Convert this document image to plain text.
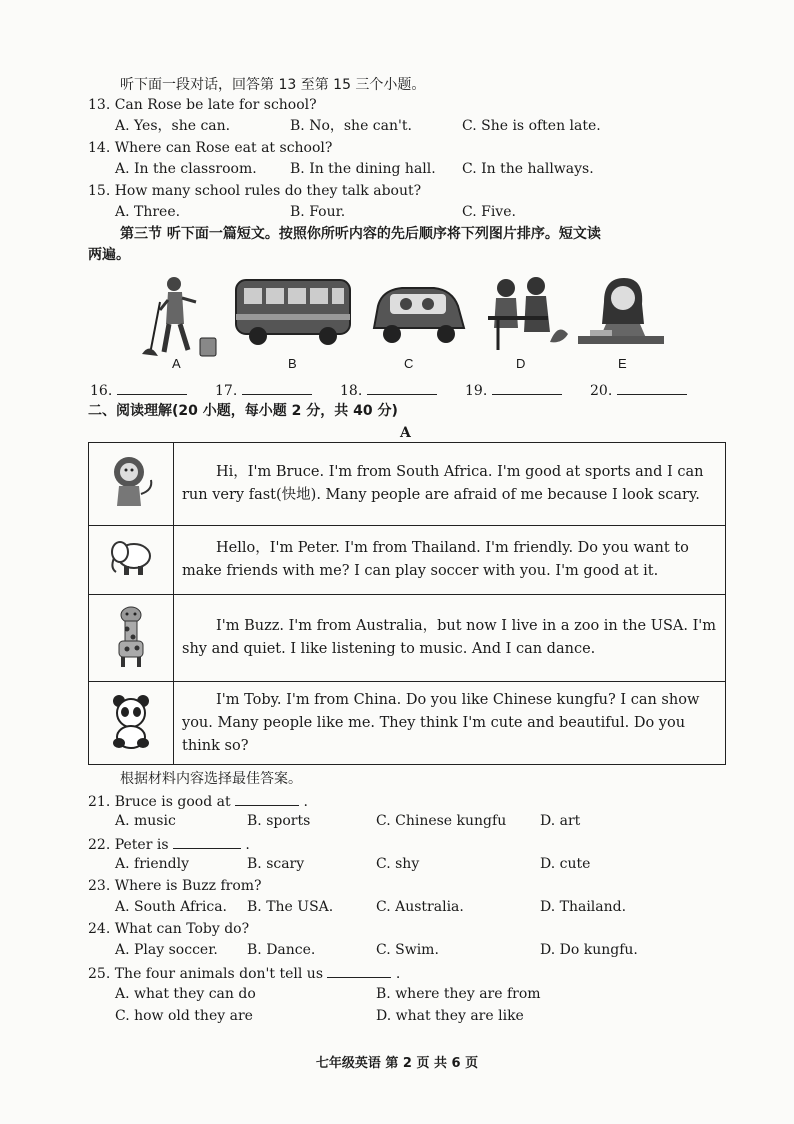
听下面一段对话，回答第 13 至第 15 三个小题。
13. Can Rose be late for school?
A. Yes，she can.	B. No，she can't.	C. She is often late.
14. Where can Rose eat at school?
A. In the classroom. B. In the dining hall. C. In the hallways.
15. How many school rules do they talk about?
A. Three.	B. Four.	C. Five.
第三节 听下面一篇短文。按照你所听内容的先后顺序将下列图片排序。短文读
两遍。
A	B	C	D	E
16.	17.	18.	19.	20.
二、阅读理解(20 小题，每小题 2 分，共 40 分)
A
	Hi，I'm Bruce. I'm from South Africa. I'm good at sports and I can run very fast(快地). Many people are afraid of me because I look scary.
	Hello，I'm Peter. I'm from Thailand. I'm friendly. Do you want to make friends with me? I can play soccer with you. I'm good at it.
	I'm Buzz. I'm from Australia，but now I live in a zoo in the USA. I'm shy and quiet. I like listening to music. And I can dance.
	I'm Toby. I'm from China. Do you like Chinese kungfu? I can show you. Many people like me. They think I'm cute and beautiful. Do you think so?
根据材料内容选择最佳答案。
21. Bruce is good at	.
A. music	B. sports	C. Chinese kungfu D. art
22. Peter is	.
A. friendly	B. scary	C. shy	D. cute
23. Where is Buzz from?
A. South Africa. B. The USA.	C. Australia.	D. Thailand.
24. What can Toby do?
A. Play soccer. B. Dance.	C. Swim.	D. Do kungfu.
25. The four animals don't tell us	.
A. what they can do	B. where they are from
C. how old they are	D. what they are like
七年级英语 第 2 页 共 6 页
